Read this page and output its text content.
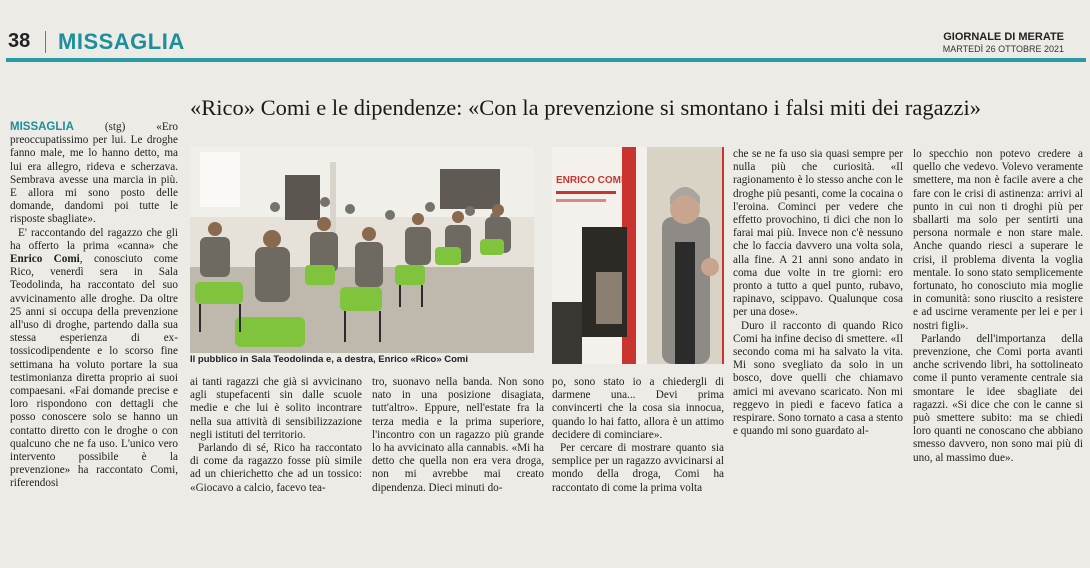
38 MISSAGLIA	GIORNALE DI MERATE
MARTEDÌ 26 OTTOBRE 2021
«Rico» Comi e le dipendenze: «Con la prevenzione si smontano i falsi miti dei ragazzi»

MISSAGLIA (stg) «Ero preoccupatissimo per lui. Le droghe fanno male, me lo hanno detto, ma lui era allegro, rideva e scherzava. Sembrava avesse una marcia in più. E allora mi sono posto delle domande, dandomi poi tutte le risposte sbagliate».

E' raccontando del ragazzo che gli ha offerto la prima «canna» che Enrico Comi, conosciuto come Rico, venerdì sera in Sala Teodolinda, ha raccontato del suo avvicinamento alle droghe. Da oltre 25 anni si occupa della prevenzione all'uso di droghe, partendo dalla sua stessa esperienza di ex-tossicodipendente e lo scorso fine settimana ha voluto portare la sua testimonianza diretta proprio ai suoi compaesani. «Fai domande precise e loro rispondono con dettagli che posso conoscere solo se hanno un contatto diretto con le droghe o con qualcuno che ne fa uso. L'unico vero intervento possibile è la prevenzione» ha raccontato Comi, riferendosi

ENRICO COMI
Il pubblico in Sala Teodolinda e, a destra, Enrico «Rico» Comi

ai tanti ragazzi che già si avvicinano agli stupefacenti sin dalle scuole medie e che lui è solito incontrare nella sua attività di sensibilizzazione negli istituti del territorio.

Parlando di sé, Rico ha raccontato di come da ragazzo fosse più simile ad un chierichetto che ad un tossico: «Giocavo a calcio, facevo tea-

tro, suonavo nella banda. Non sono nato in una posizione disagiata, tutt'altro». Eppure, nell'estate fra la terza media e la prima superiore, l'incontro con un ragazzo più grande lo ha avvicinato alla cannabis. «Mi ha detto che quella non era vera droga, non mi avrebbe mai creato dipendenza. Dieci minuti do-

po, sono stato io a chiedergli di darmene una... Devi prima convincerti che la cosa sia innocua, quando lo hai fatto, allora è un attimo decidere di cominciare».

Per cercare di mostrare quanto sia semplice per un ragazzo avvicinarsi al mondo della droga, Comi ha raccontato di come la prima volta

che se ne fa uso sia quasi sempre per nulla più che curiosità. «Il ragionamento è lo stesso anche con le droghe più pesanti, come la cocaina o l'eroina. Cominci per vedere che effetto provochino, ti dici che non lo farai mai più. Invece non c'è nessuno che lo faccia davvero una volta sola, alla fine. A 21 anni sono andato in coma due volte in tre giorni: ero pronto a tutto a quel punto, rubavo, rapinavo, scippavo. Qualunque cosa per una dose».

Duro il racconto di quando Rico Comi ha infine deciso di smettere. «Il secondo coma mi ha salvato la vita. Mi sono svegliato da solo in un bosco, dove quelli che chiamavo amici mi avevano scaricato. Non mi reggevo in piedi e facevo fatica a respirare. Sono tornato a casa a stento e quando mi sono guardato al-

lo specchio non potevo credere a quello che vedevo. Volevo veramente smettere, ma non è facile avere a che fare con le crisi di astinenza: arrivi al punto in cui non ti droghi più per sballarti ma solo per sentirti una persona normale e non stare male. Anche quando riesci a superare le crisi, il problema diventa la voglia mentale. Io sono stato semplicemente fortunato, ho conosciuto mia moglie in comunità: sono riuscito a resistere e ad uscirne veramente per lei e per i nostri figli».

Parlando dell'importanza della prevenzione, che Comi porta avanti anche scrivendo libri, ha sottolineato come il punto veramente centrale sia smontare le idee sbagliate dei ragazzi. «Si dice che con le canne si può smettere subito: ma se chiedi loro quanti ne conoscano che abbiano smesso davvero, non sono mai più di uno, al massimo due».
